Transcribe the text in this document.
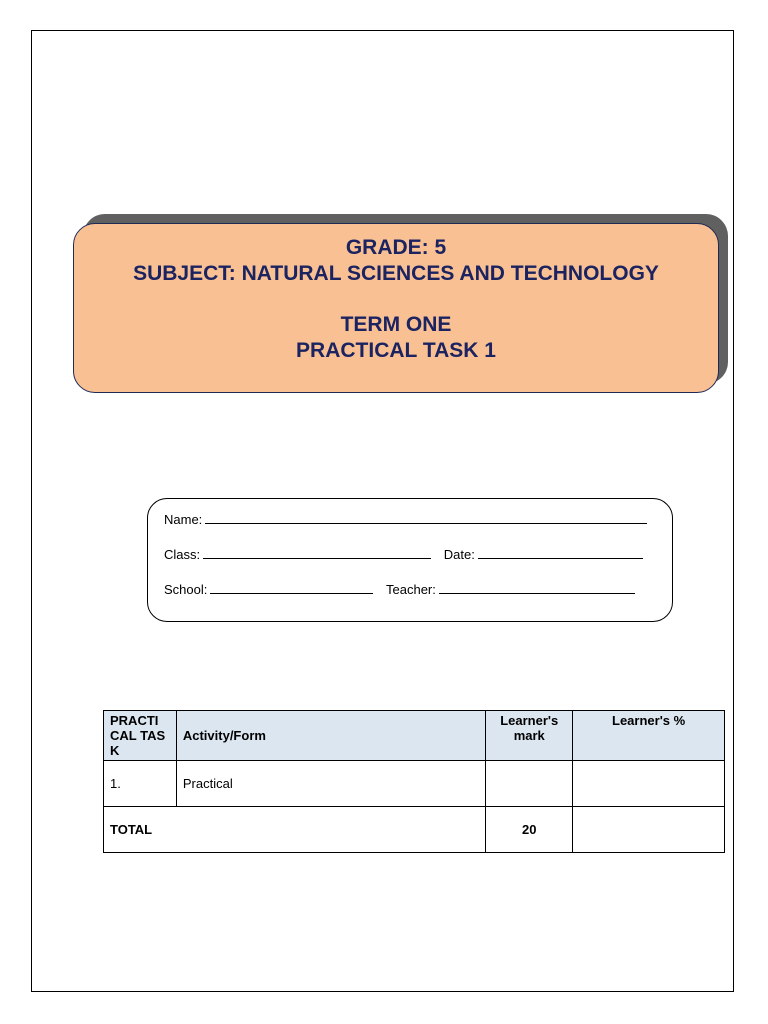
GRADE: 5
SUBJECT: NATURAL SCIENCES AND TECHNOLOGY
TERM ONE
PRACTICAL TASK 1
Name:
Class:	Date:
School:	Teacher:
PRACTI CAL TASK	Activity/Form	Learner's mark	Learner's %
1.	Practical		
TOTAL		20	
